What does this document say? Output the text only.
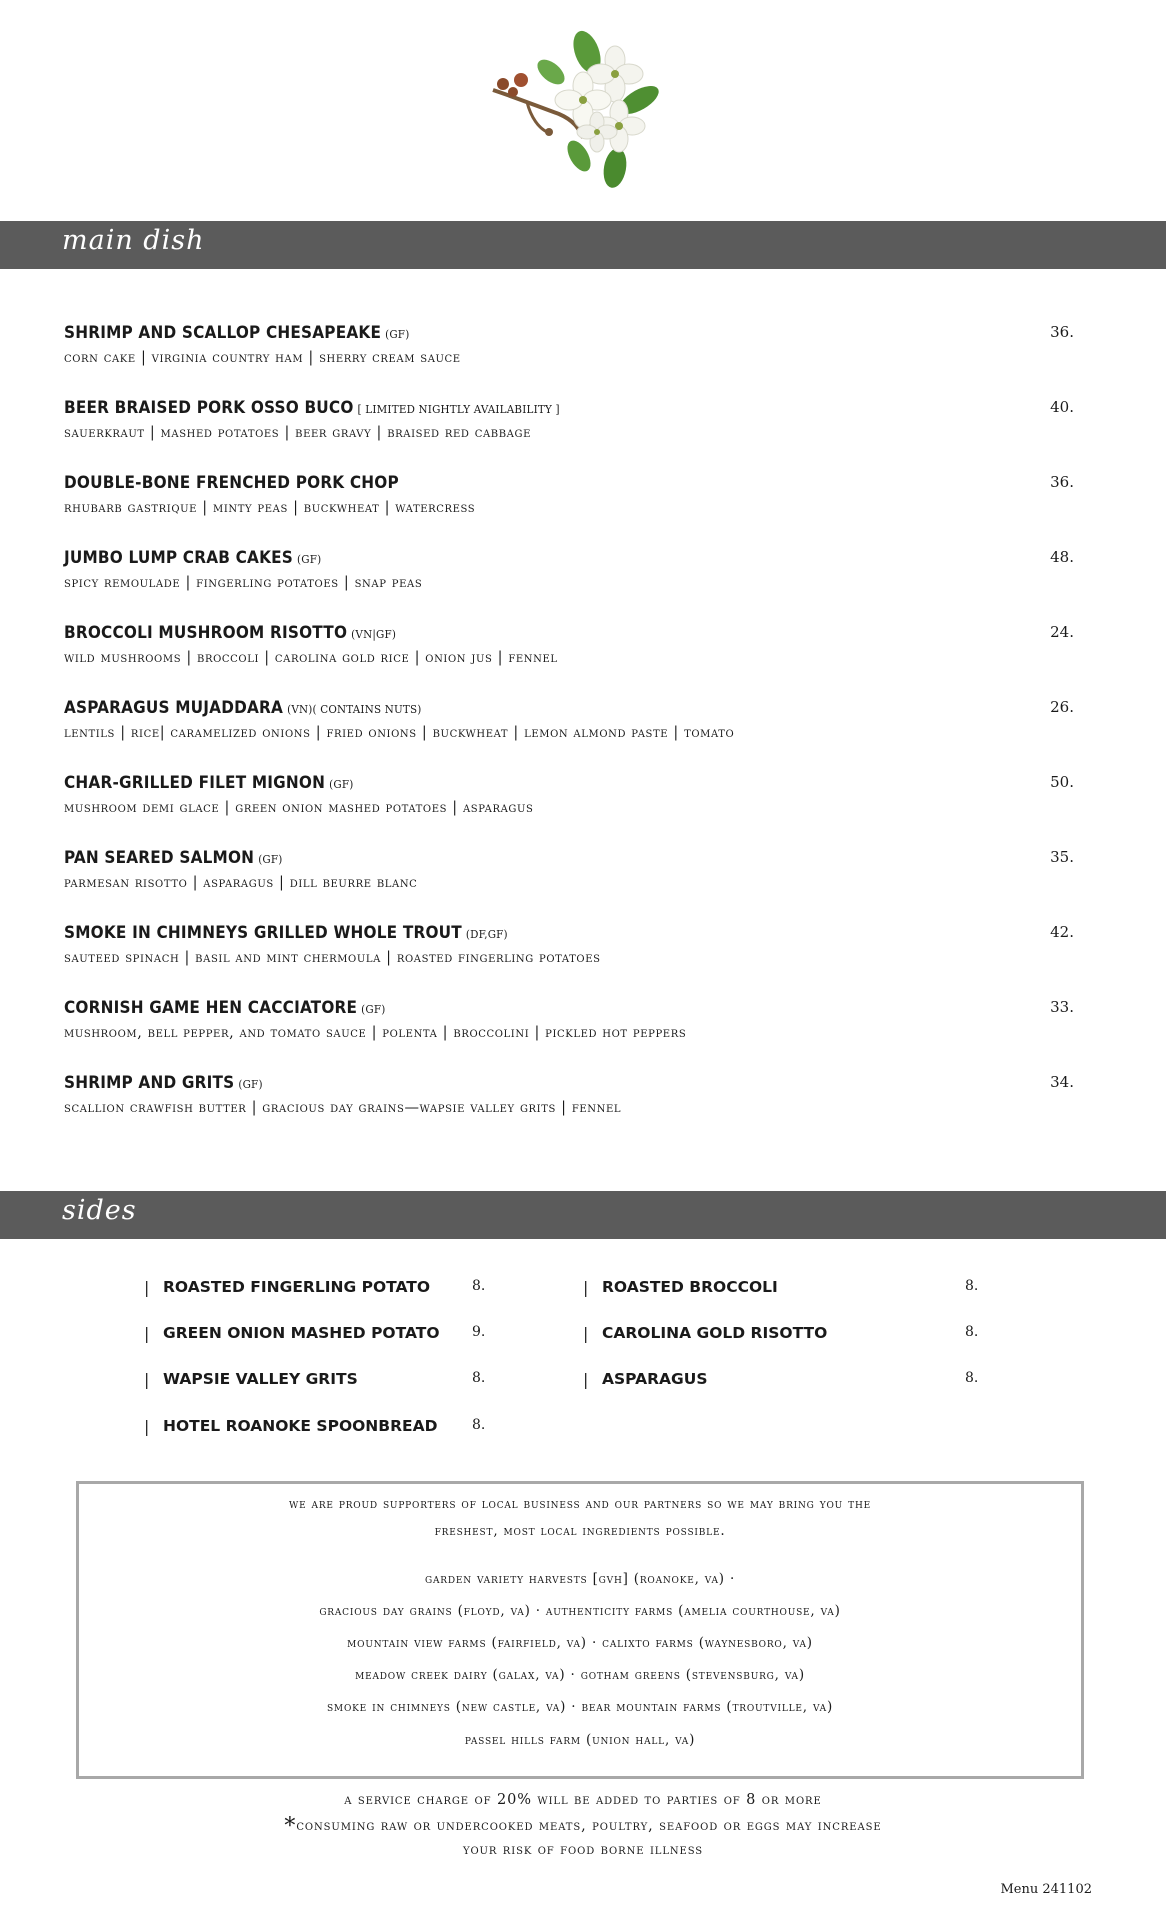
main dish
SHRIMP AND SCALLOP CHESAPEAKE (GF)	36.
corn cake | virginia country ham | sherry cream sauce
BEER BRAISED PORK OSSO BUCO [ LIMITED NIGHTLY AVAILABILITY ]	40.
sauerkraut | mashed potatoes | beer gravy | braised red cabbage
DOUBLE-BONE FRENCHED PORK CHOP	36.
rhubarb gastrique | minty peas | buckwheat | watercress
JUMBO LUMP CRAB CAKES (GF)	48.
spicy remoulade | fingerling potatoes | snap peas
BROCCOLI MUSHROOM RISOTTO (VN|GF)	24.
wild mushrooms | broccoli | carolina gold rice | onion jus | fennel
ASPARAGUS MUJADDARA (VN)( CONTAINS NUTS)	26.
lentils | rice| caramelized onions | fried onions | buckwheat | lemon almond paste | tomato
CHAR-GRILLED FILET MIGNON (GF)	50.
mushroom demi glace | green onion mashed potatoes | asparagus
PAN SEARED SALMON (GF)	35.
parmesan risotto | asparagus | dill beurre blanc
SMOKE IN CHIMNEYS GRILLED WHOLE TROUT (DF,GF)	42.
sauteed spinach | basil and mint chermoula | roasted fingerling potatoes
CORNISH GAME HEN CACCIATORE (GF)	33.
mushroom, bell pepper, and tomato sauce | polenta | broccolini | pickled hot peppers
SHRIMP AND GRITS (GF)	34.
scallion crawfish butter | gracious day grains—wapsie valley grits | fennel
sides
| ROASTED FINGERLING POTATO	8.
| GREEN ONION MASHED POTATO 9.
| WAPSIE VALLEY GRITS	8.
| HOTEL ROANOKE SPOONBREAD 8.
| ROASTED BROCCOLI	8.
| CAROLINA GOLD RISOTTO	8.
| ASPARAGUS	8.
we are proud supporters of local business and our partners so we may bring you the
freshest, most local ingredients possible.
garden variety harvests [gvh] (roanoke, va) ·
gracious day grains (floyd, va) · authenticity farms (amelia courthouse, va)
mountain view farms (fairfield, va) · calixto farms (waynesboro, va)
meadow creek dairy (galax, va) · gotham greens (stevensburg, va)
smoke in chimneys (new castle, va) · bear mountain farms (troutville, va)
passel hills farm (union hall, va)
a service charge of 20% will be added to parties of 8 or more
*consuming raw or undercooked meats, poultry, seafood or eggs may increase
your risk of food borne illness
Menu 241102
